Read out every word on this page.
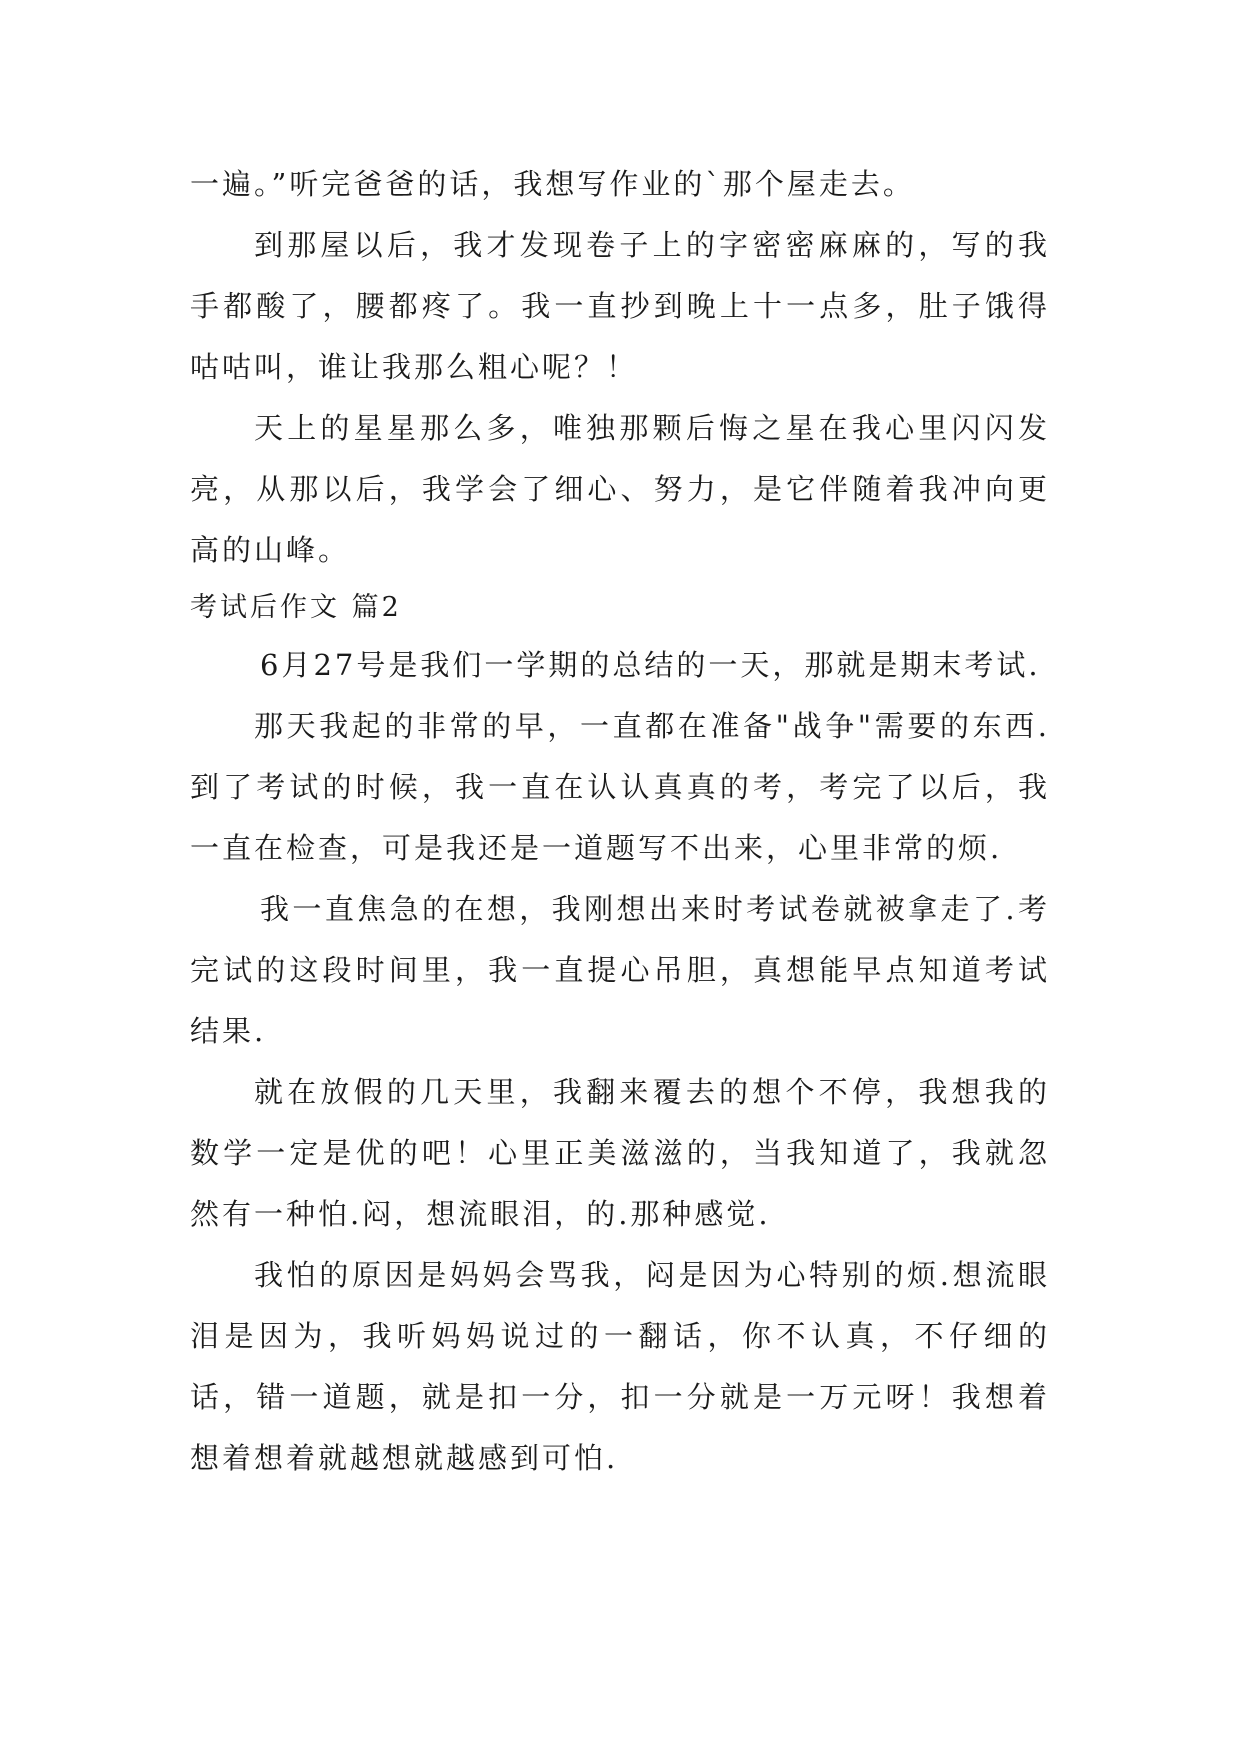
一遍。”听完爸爸的话，我想写作业的`那个屋走去。

到那屋以后，我才发现卷子上的字密密麻麻的，写的我手都酸了，腰都疼了。我一直抄到晚上十一点多，肚子饿得咕咕叫，谁让我那么粗心呢？！

天上的星星那么多，唯独那颗后悔之星在我心里闪闪发亮，从那以后，我学会了细心、努力，是它伴随着我冲向更高的山峰。

考试后作文 篇2

6月27号是我们一学期的总结的一天，那就是期末考试.

那天我起的非常的早，一直都在准备"战争"需要的东西.到了考试的时候，我一直在认认真真的考，考完了以后，我一直在检查，可是我还是一道题写不出来，心里非常的烦.

我一直焦急的在想，我刚想出来时考试卷就被拿走了.考完试的这段时间里，我一直提心吊胆，真想能早点知道考试结果.

就在放假的几天里，我翻来覆去的想个不停，我想我的数学一定是优的吧！心里正美滋滋的，当我知道了，我就忽然有一种怕.闷，想流眼泪，的.那种感觉.

我怕的原因是妈妈会骂我，闷是因为心特别的烦.想流眼泪是因为，我听妈妈说过的一翻话，你不认真，不仔细的话，错一道题，就是扣一分，扣一分就是一万元呀！我想着想着想着就越想就越感到可怕.
